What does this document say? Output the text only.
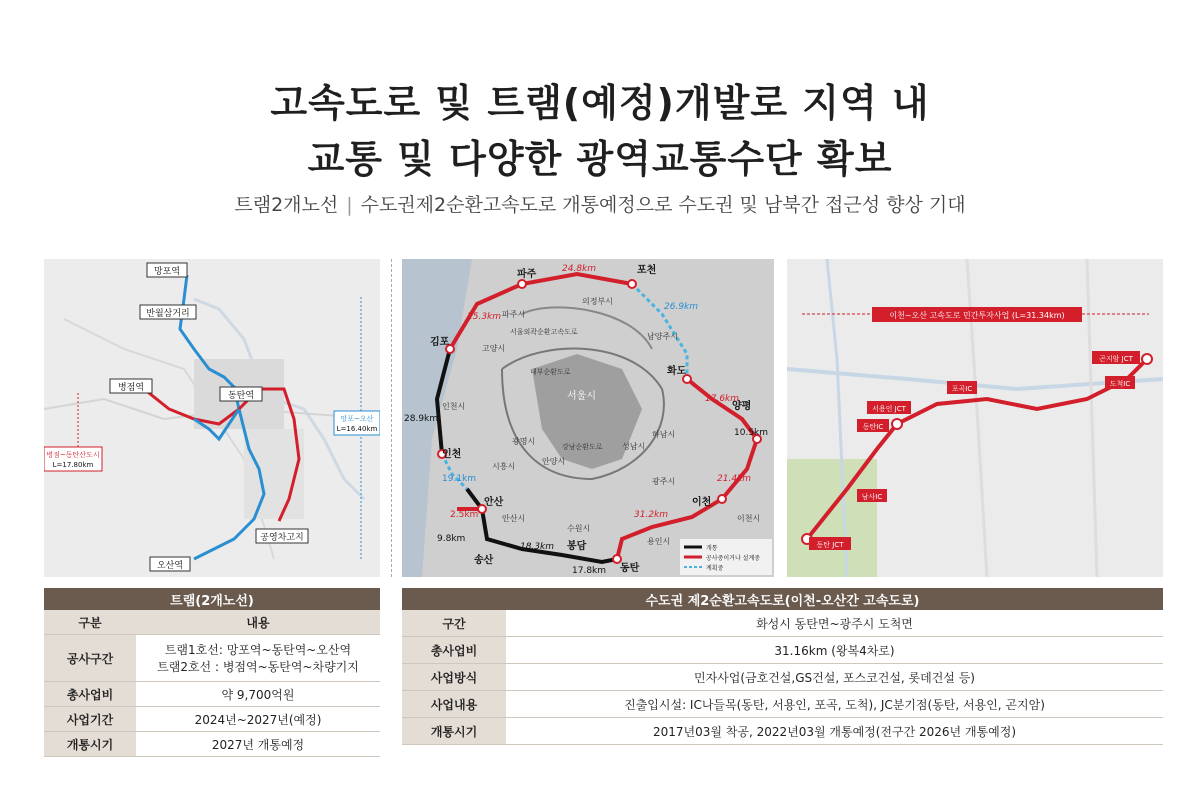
고속도로 및 트램(예정)개발로 지역 내
교통 및 다양한 광역교통수단 확보
트램2개노선 | 수도권제2순환고속도로 개통예정으로 수도권 및 남북간 접근성 향상 기대
망포역
반월삼거리
병점역
동탄역
공영차고지
오산역
병점~동탄산도시
L=17.80km
망포~오산
L=16.40km
파주	포천
김포
고양시
의정부시
남양주시
화도
양평
서울시
인천
시흥시
안양시
성남시
하남시
광명시
강남순환도로
광주시
이천
안산
송산
봉담
동탄
수원시
용인시
이천시
안산시
내부순환도로
서울외곽순환고속도로
파주시
인천시
24.8km
25.3km
28.9km
17.6km
10.5km
21.4km
31.2km
18.3km
17.8km
9.8km
2.5km
19.1km
26.9km
개통
공사중이거나 설계중
계획중
이천~오산 고속도로 민간투자사업 (L=31.34km)
곤지암 JCT
도척IC
서용인 JCT
포곡IC
남사IC
동탄 JCT
동탄IC
트램(2개노선)	
구분	내용
공사구간	트램1호선: 망포역~동탄역~오산역
트램2호선 : 병점역~동탄역~차량기지

총사업비	약 9,700억원
사업기간	2024년~2027년(예정)
개통시기	2027년 개통예정
수도권 제2순환고속도로(이천-오산간 고속도로)	
구간	화성시 동탄면~광주시 도척면
총사업비	31.16km (왕복4차로)
사업방식	민자사업(금호건설,GS건설, 포스코건설, 롯데건설 등)
사업내용	진출입시설: IC나들목(동탄, 서용인, 포곡, 도척), JC분기점(동탄, 서용인, 곤지암)
개통시기	2017년03월 착공, 2022년03월 개통예정(전구간 2026년 개통예정)
